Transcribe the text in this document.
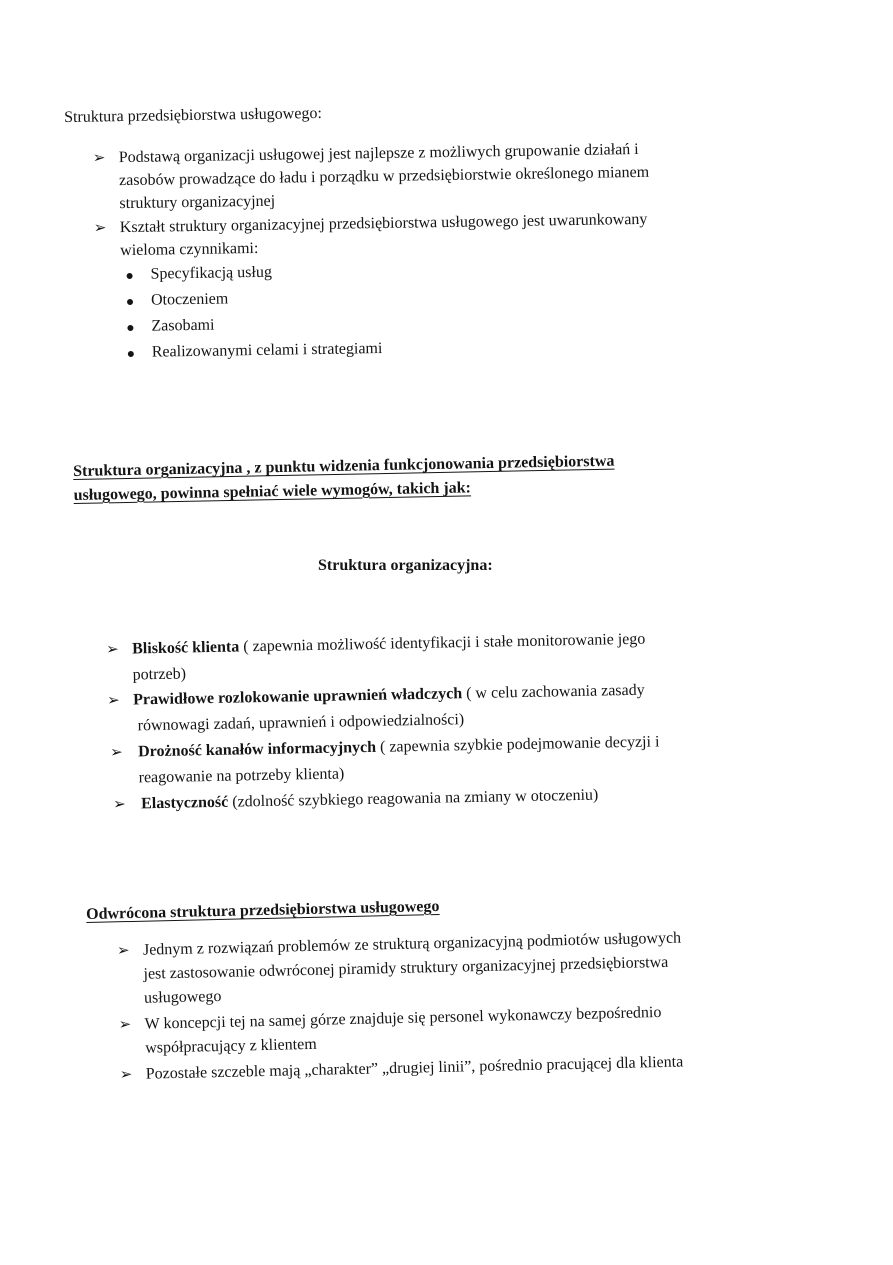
Struktura przedsiębiorstwa usługowego:
➢ Podstawą organizacji usługowej jest najlepsze z możliwych grupowanie działań i
zasobów prowadzące do ładu i porządku w przedsiębiorstwie określonego mianem
struktury organizacyjnej
➢ Kształt struktury organizacyjnej przedsiębiorstwa usługowego jest uwarunkowany
wieloma czynnikami:
Specyfikacją usług
Otoczeniem
Zasobami
Realizowanymi celami i strategiami
Struktura organizacyjna , z punktu widzenia funkcjonowania przedsiębiorstwa
usługowego, powinna spełniać wiele wymogów, takich jak:
Struktura organizacyjna:
➢ Bliskość klienta ( zapewnia możliwość identyfikacji i stałe monitorowanie jego
potrzeb)
➢ Prawidłowe rozlokowanie uprawnień władczych ( w celu zachowania zasady
równowagi zadań, uprawnień i odpowiedzialności)
➢ Drożność kanałów informacyjnych ( zapewnia szybkie podejmowanie decyzji i
reagowanie na potrzeby klienta)
➢ Elastyczność (zdolność szybkiego reagowania na zmiany w otoczeniu)
Odwrócona struktura przedsiębiorstwa usługowego
➢ Jednym z rozwiązań problemów ze strukturą organizacyjną podmiotów usługowych
jest zastosowanie odwróconej piramidy struktury organizacyjnej przedsiębiorstwa
usługowego
➢ W koncepcji tej na samej górze znajduje się personel wykonawczy bezpośrednio
współpracujący z klientem
➢ Pozostałe szczeble mają „charakter” „drugiej linii”, pośrednio pracującej dla klienta
